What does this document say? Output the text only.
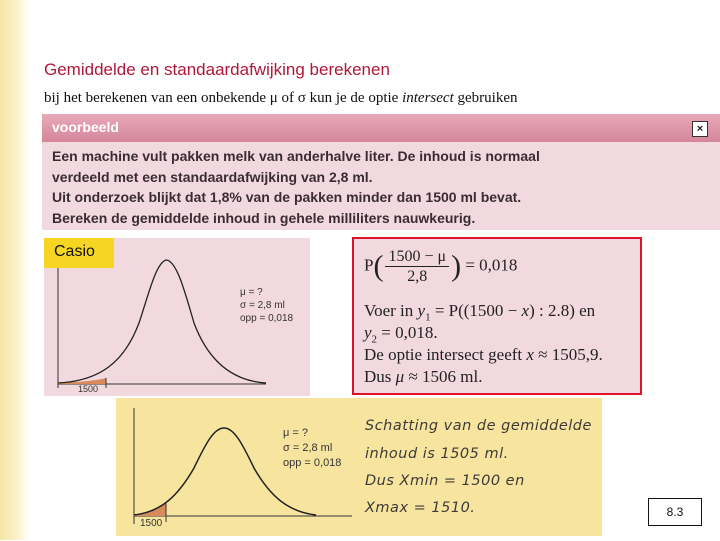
Gemiddelde en standaardafwijking berekenen
bij het berekenen van een onbekende μ of σ kun je de optie intersect gebruiken
voorbeeld	×
Een machine vult pakken melk van anderhalve liter. De inhoud is normaal
verdeeld met een standaardafwijking van 2,8 ml.
Uit onderzoek blijkt dat 1,8% van de pakken minder dan 1500 ml bevat.
Bereken de gemiddelde inhoud in gehele milliliters nauwkeurig.
μ = ?
σ = 2,8 ml
opp = 0,018
1500
Casio
$P( \frac{1500 - \mu}{2,8}$ ) = 0,018
Voer in $y_1 = P((1500 - x)$ : 2.8) en
$y_2 = 0,018$.
De optie intersect geeft x ≈ 1505,9.
Dus μ ≈ 1506 ml.
μ = ?
σ = 2,8 ml
opp = 0,018
1500
Schatting van de gemiddelde
inhoud is 1505 ml.
Dus Xmin = 1500 en
Xmax = 1510.	8.3
